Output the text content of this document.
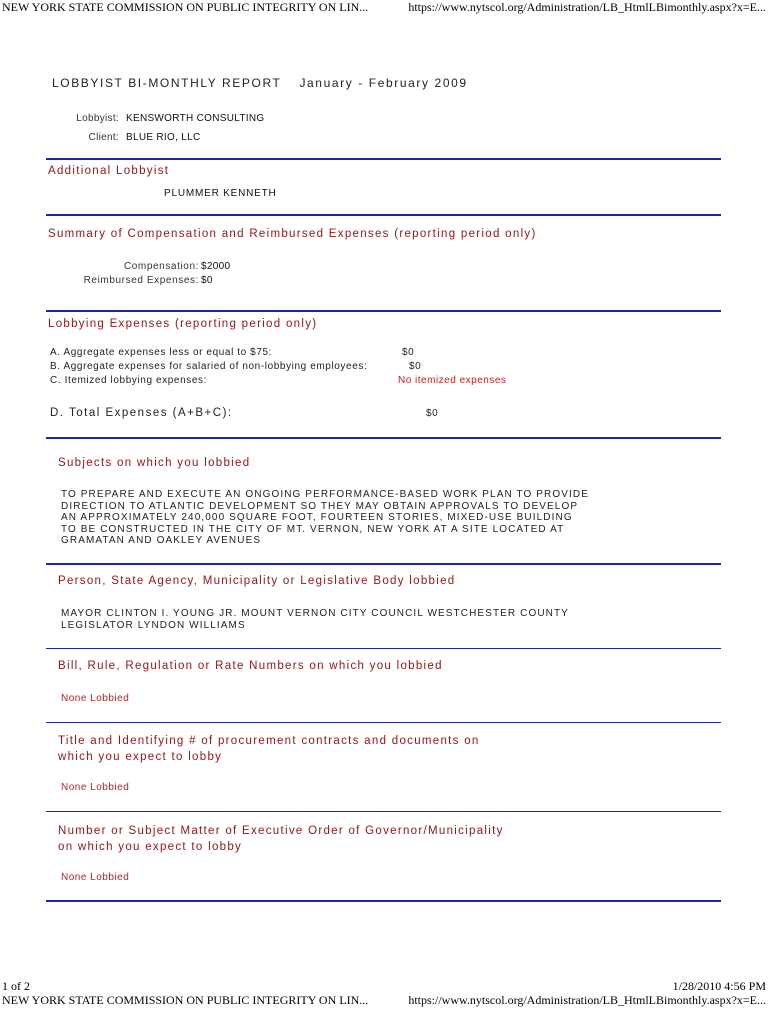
NEW YORK STATE COMMISSION ON PUBLIC INTEGRITY ON LIN...	https://www.nytscol.org/Administration/LB_HtmlLBimonthly.aspx?x=E...
LOBBYIST BI-MONTHLY REPORT January - February 2009
Lobbyist: KENSWORTH CONSULTING
Client: BLUE RIO, LLC
Additional Lobbyist
PLUMMER KENNETH
Summary of Compensation and Reimbursed Expenses (reporting period only)
Compensation: $2000
Reimbursed Expenses: $0
Lobbying Expenses (reporting period only)
A. Aggregate expenses less or equal to $75:	$0
B. Aggregate expenses for salaried of non-lobbying employees:	$0
C. Itemized lobbying expenses:	No itemized expenses
D. Total Expenses (A+B+C):	$0
Subjects on which you lobbied
TO PREPARE AND EXECUTE AN ONGOING PERFORMANCE-BASED WORK PLAN TO PROVIDE
DIRECTION TO ATLANTIC DEVELOPMENT SO THEY MAY OBTAIN APPROVALS TO DEVELOP
AN APPROXIMATELY 240,000 SQUARE FOOT, FOURTEEN STORIES, MIXED-USE BUILDING
TO BE CONSTRUCTED IN THE CITY OF MT. VERNON, NEW YORK AT A SITE LOCATED AT
GRAMATAN AND OAKLEY AVENUES
Person, State Agency, Municipality or Legislative Body lobbied
MAYOR CLINTON I. YOUNG JR. MOUNT VERNON CITY COUNCIL WESTCHESTER COUNTY
LEGISLATOR LYNDON WILLIAMS
Bill, Rule, Regulation or Rate Numbers on which you lobbied
None Lobbied
Title and Identifying # of procurement contracts and documents on
which you expect to lobby
None Lobbied
Number or Subject Matter of Executive Order of Governor/Municipality
on which you expect to lobby
None Lobbied
1 of 2	1/28/2010 4:56 PM
NEW YORK STATE COMMISSION ON PUBLIC INTEGRITY ON LIN...	https://www.nytscol.org/Administration/LB_HtmlLBimonthly.aspx?x=E...
